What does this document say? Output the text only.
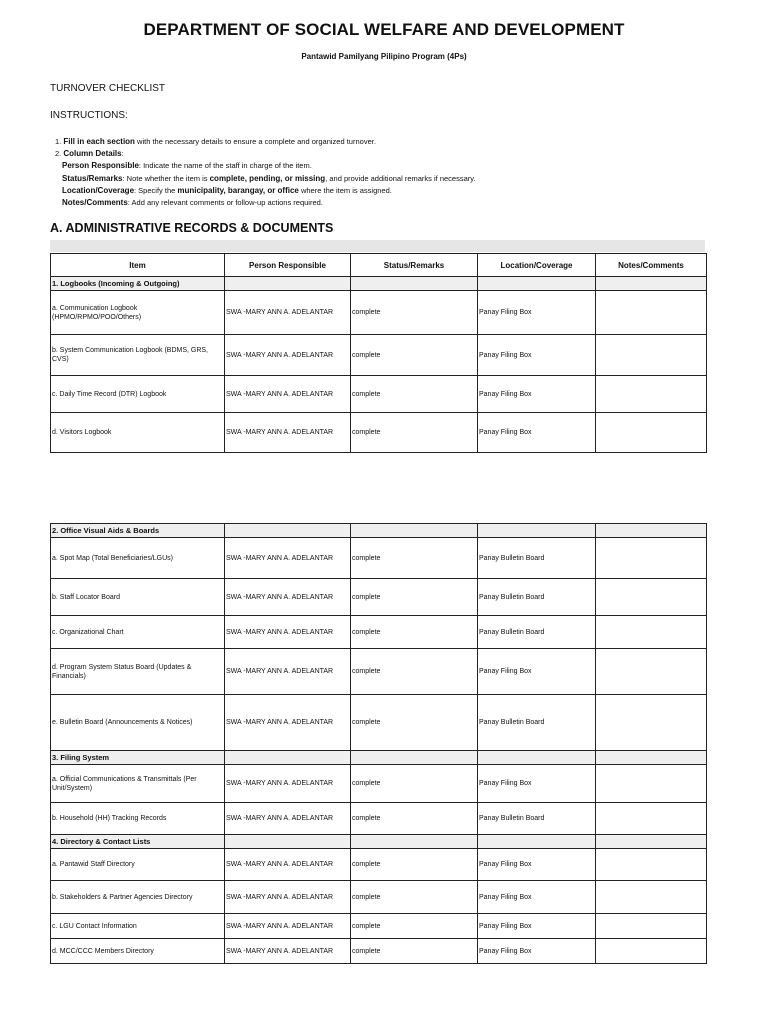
DEPARTMENT OF SOCIAL WELFARE AND DEVELOPMENT
Pantawid Pamilyang Pilipino Program (4Ps)
TURNOVER CHECKLIST
INSTRUCTIONS:
1. Fill in each section with the necessary details to ensure a complete and organized turnover.
2. Column Details:
Person Responsible: Indicate the name of the staff in charge of the item.
Status/Remarks: Note whether the item is complete, pending, or missing, and provide additional remarks if necessary.
Location/Coverage: Specify the municipality, barangay, or office where the item is assigned.
Notes/Comments: Add any relevant comments or follow-up actions required.
A. ADMINISTRATIVE RECORDS & DOCUMENTS
Item	Person Responsible	Status/Remarks	Location/Coverage	Notes/Comments
1. Logbooks (Incoming & Outgoing)				
a. Communication Logbook (HPMO/RPMO/POO/Others)	SWA -MARY ANN A. ADELANTAR	complete	Panay Filing Box	
b. System Communication Logbook (BDMS, GRS, CVS)	SWA -MARY ANN A. ADELANTAR	complete	Panay Filing Box	
c. Daily Time Record (DTR) Logbook	SWA -MARY ANN A. ADELANTAR	complete	Panay Filing Box	
d. Visitors Logbook	SWA -MARY ANN A. ADELANTAR	complete	Panay Filing Box	
2. Office Visual Aids & Boards				
a. Spot Map (Total Beneficiaries/LGUs)	SWA -MARY ANN A. ADELANTAR	complete	Panay Bulletin Board	
b. Staff Locator Board	SWA -MARY ANN A. ADELANTAR	complete	Panay Bulletin Board	
c. Organizational Chart	SWA -MARY ANN A. ADELANTAR	complete	Panay Bulletin Board	
d. Program System Status Board (Updates & Financials)	SWA -MARY ANN A. ADELANTAR	complete	Panay Filing Box	
e. Bulletin Board (Announcements & Notices)	SWA -MARY ANN A. ADELANTAR	complete	Panay Bulletin Board	
3. Filing System				
a. Official Communications & Transmittals (Per Unit/System)	SWA -MARY ANN A. ADELANTAR	complete	Panay Filing Box	
b. Household (HH) Tracking Records	SWA -MARY ANN A. ADELANTAR	complete	Panay Bulletin Board	
4. Directory & Contact Lists				
a. Pantawid Staff Directory	SWA -MARY ANN A. ADELANTAR	complete	Panay Filing Box	
b. Stakeholders & Partner Agencies Directory	SWA -MARY ANN A. ADELANTAR	complete	Panay Filing Box	
c. LGU Contact Information	SWA -MARY ANN A. ADELANTAR	complete	Panay Filing Box	
d. MCC/CCC Members Directory	SWA -MARY ANN A. ADELANTAR	complete	Panay Filing Box	
